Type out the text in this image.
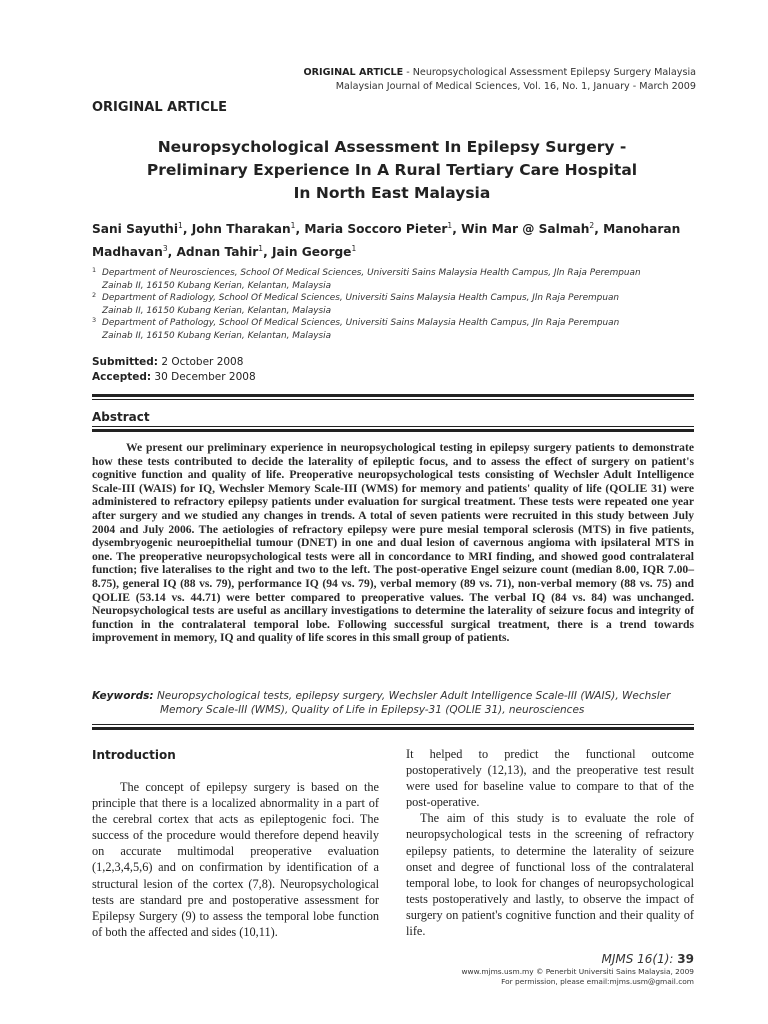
ORIGINAL ARTICLE - Neuropsychological Assessment Epilepsy Surgery Malaysia
Malaysian Journal of Medical Sciences, Vol. 16, No. 1, January - March 2009
ORIGINAL ARTICLE
Neuropsychological Assessment In Epilepsy Surgery -
Preliminary Experience In A Rural Tertiary Care Hospital
In North East Malaysia
Sani Sayuthi$^1$, John Tharakan$^1$, Maria Soccoro Pieter$^1$, Win Mar @ Salmah$^2$, Manoharan Madhavan$^3$, Adnan Tahir$^1$, Jain George$^1$
1 Department of Neurosciences, School Of Medical Sciences, Universiti Sains Malaysia Health Campus, Jln Raja Perempuan
Zainab II, 16150 Kubang Kerian, Kelantan, Malaysia
2 Department of Radiology, School Of Medical Sciences, Universiti Sains Malaysia Health Campus, Jln Raja Perempuan
Zainab II, 16150 Kubang Kerian, Kelantan, Malaysia
3 Department of Pathology, School Of Medical Sciences, Universiti Sains Malaysia Health Campus, Jln Raja Perempuan
Zainab II, 16150 Kubang Kerian, Kelantan, Malaysia
Submitted: 2 October 2008
Accepted: 30 December 2008
Abstract
We present our preliminary experience in neuropsychological testing in epilepsy surgery patients to demonstrate how these tests contributed to decide the laterality of epileptic focus, and to assess the effect of surgery on patient's cognitive function and quality of life. Preoperative neuropsychological tests consisting of Wechsler Adult Intelligence Scale-III (WAIS) for IQ, Wechsler Memory Scale-III (WMS) for memory and patients' quality of life (QOLIE 31) were administered to refractory epilepsy patients under evaluation for surgical treatment. These tests were repeated one year after surgery and we studied any changes in trends. A total of seven patients were recruited in this study between July 2004 and July 2006. The aetiologies of refractory epilepsy were pure mesial temporal sclerosis (MTS) in five patients, dysembryogenic neuroepithelial tumour (DNET) in one and dual lesion of cavernous angioma with ipsilateral MTS in one. The preoperative neuropsychological tests were all in concordance to MRI finding, and showed good contralateral function; five lateralises to the right and two to the left. The post-operative Engel seizure count (median 8.00, IQR 7.00–8.75), general IQ (88 vs. 79), performance IQ (94 vs. 79), verbal memory (89 vs. 71), non-verbal memory (88 vs. 75) and QOLIE (53.14 vs. 44.71) were better compared to preoperative values. The verbal IQ (84 vs. 84) was unchanged. Neuropsychological tests are useful as ancillary investigations to determine the laterality of seizure focus and integrity of function in the contralateral temporal lobe. Following successful surgical treatment, there is a trend towards improvement in memory, IQ and quality of life scores in this small group of patients.
Keywords: Neuropsychological tests, epilepsy surgery, Wechsler Adult Intelligence Scale-III (WAIS), Wechsler
Memory Scale-III (WMS), Quality of Life in Epilepsy-31 (QOLIE 31), neurosciences
Introduction
The concept of epilepsy surgery is based on the principle that there is a localized abnormality in a part of the cerebral cortex that acts as epileptogenic foci. The success of the procedure would therefore depend heavily on accurate multimodal preoperative evaluation (1,2,3,4,5,6) and on confirmation by identification of a structural lesion of the cortex (7,8). Neuropsychological tests are standard pre and postoperative assessment for Epilepsy Surgery (9) to assess the temporal lobe function of both the affected and sides (10,11).

It helped to predict the functional outcome postoperatively (12,13), and the preoperative test result were used for baseline value to compare to that of the post-operative.

The aim of this study is to evaluate the role of neuropsychological tests in the screening of refractory epilepsy patients, to determine the laterality of seizure onset and degree of functional loss of the contralateral temporal lobe, to look for changes of neuropsychological tests postoperatively and lastly, to observe the impact of surgery on patient's cognitive function and their quality of life.

MJMS 16(1): 39
www.mjms.usm.my © Penerbit Universiti Sains Malaysia, 2009
For permission, please email:mjms.usm@gmail.com
